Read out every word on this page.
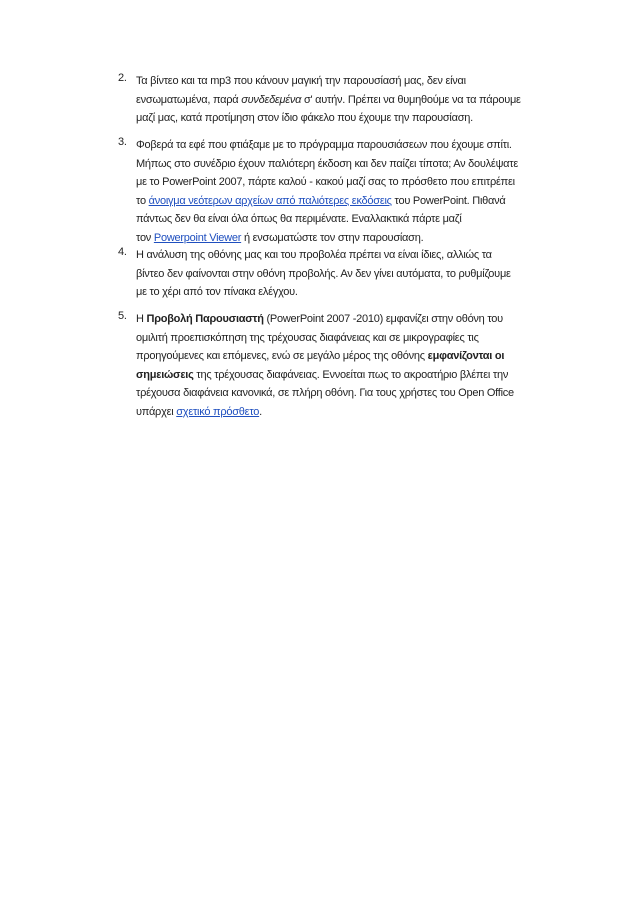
2. Τα βίντεο και τα mp3 που κάνουν μαγική την παρουσίασή μας, δεν είναι
ενσωματωμένα, παρά συνδεδεμένα σ' αυτήν. Πρέπει να θυμηθούμε να τα πάρουμε
μαζί μας, κατά προτίμηση στον ίδιο φάκελο που έχουμε την παρουσίαση.
3. Φοβερά τα εφέ που φτιάξαμε με το πρόγραμμα παρουσιάσεων που έχουμε σπίτι.
Μήπως στο συνέδριο έχουν παλιότερη έκδοση και δεν παίζει τίποτα; Αν δουλέψατε
με το PowerPoint 2007, πάρτε καλού - κακού μαζί σας το πρόσθετο που επιτρέπει
το άνοιγμα νεότερων αρχείων από παλιότερες εκδόσεις του PowerPoint. Πιθανά
πάντως δεν θα είναι όλα όπως θα περιμένατε. Εναλλακτικά πάρτε μαζί
τον Powerpoint Viewer ή ενσωματώστε τον στην παρουσίαση.
4. Η ανάλυση της οθόνης μας και του προβολέα πρέπει να είναι ίδιες, αλλιώς τα
βίντεο δεν φαίνονται στην οθόνη προβολής. Αν δεν γίνει αυτόματα, το ρυθμίζουμε
με το χέρι από τον πίνακα ελέγχου.
5. Η Προβολή Παρουσιαστή (PowerPoint 2007 -2010) εμφανίζει στην οθόνη του
ομιλιτή προεπισκόπηση της τρέχουσας διαφάνειας και σε μικρογραφίες τις
προηγούμενες και επόμενες, ενώ σε μεγάλο μέρος της οθόνης εμφανίζονται οι
σημειώσεις της τρέχουσας διαφάνειας. Εννοείται πως το ακροατήριο βλέπει την
τρέχουσα διαφάνεια κανονικά, σε πλήρη οθόνη. Για τους χρήστες του Open Office
υπάρχει σχετικό πρόσθετο.
